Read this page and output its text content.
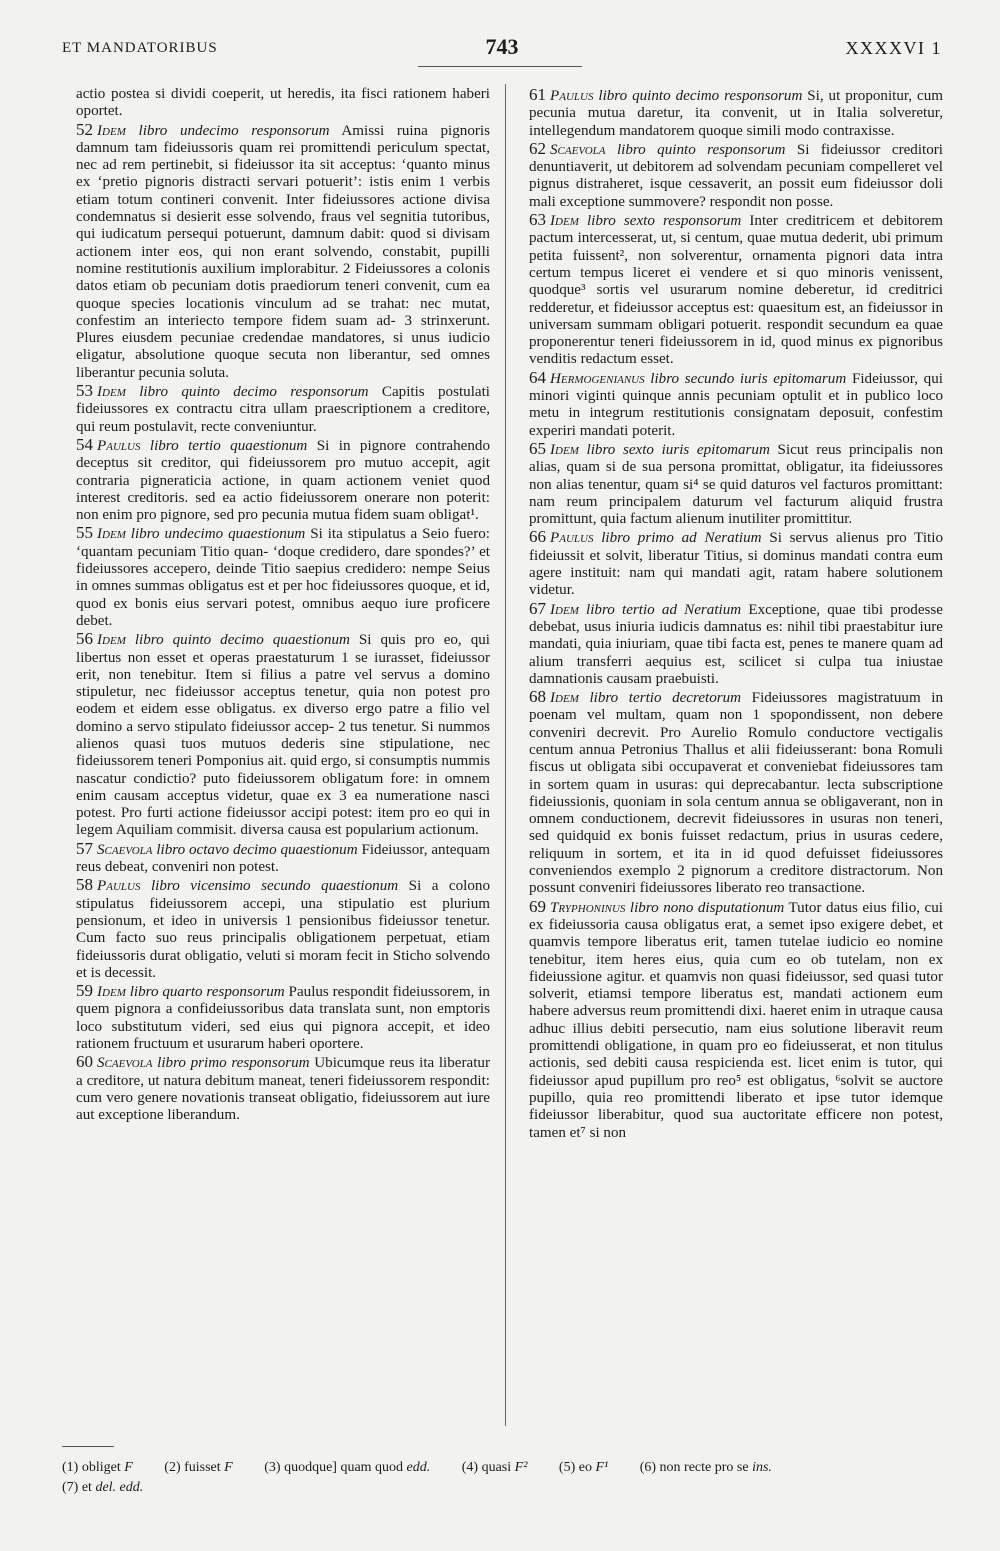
ET MANDATORIBUS	743	XXXXVI 1

actio postea si dividi coeperit, ut heredis, ita fisci rationem haberi oportet.

52 Idem libro undecimo responsorum Amissi ruina pignoris damnum tam fideiussoris quam rei promittendi periculum spectat, nec ad rem pertinebit, si fideiussor ita sit acceptus: ‘quanto minus ex ‘pretio pignoris distracti servari potuerit’: istis enim 1 verbis etiam totum contineri convenit. Inter fideiussores actione divisa condemnatus si desierit esse solvendo, fraus vel segnitia tutoribus, qui iudicatum persequi potuerunt, damnum dabit: quod si divisam actionem inter eos, qui non erant solvendo, constabit, pupilli nomine restitutionis auxilium implorabitur. 2 Fideiussores a colonis datos etiam ob pecuniam dotis praediorum teneri convenit, cum ea quoque species locationis vinculum ad se trahat: nec mutat, confestim an interiecto tempore fidem suam ad- 3 strinxerunt. Plures eiusdem pecuniae credendae mandatores, si unus iudicio eligatur, absolutione quoque secuta non liberantur, sed omnes liberantur pecunia soluta.

53 Idem libro quinto decimo responsorum Capitis postulati fideiussores ex contractu citra ullam praescriptionem a creditore, qui reum postulavit, recte conveniuntur.

54 Paulus libro tertio quaestionum Si in pignore contrahendo deceptus sit creditor, qui fideiussorem pro mutuo accepit, agit contraria pigneraticia actione, in quam actionem veniet quod interest creditoris. sed ea actio fideiussorem onerare non poterit: non enim pro pignore, sed pro pecunia mutua fidem suam obligat¹.

55 Idem libro undecimo quaestionum Si ita stipulatus a Seio fuero: ‘quantam pecuniam Titio quan- ‘doque credidero, dare spondes?’ et fideiussores accepero, deinde Titio saepius credidero: nempe Seius in omnes summas obligatus est et per hoc fideiussores quoque, et id, quod ex bonis eius servari potest, omnibus aequo iure proficere debet.

56 Idem libro quinto decimo quaestionum Si quis pro eo, qui libertus non esset et operas praestaturum 1 se iurasset, fideiussor erit, non tenebitur. Item si filius a patre vel servus a domino stipuletur, nec fideiussor acceptus tenetur, quia non potest pro eodem et eidem esse obligatus. ex diverso ergo patre a filio vel domino a servo stipulato fideiussor accep- 2 tus tenetur. Si nummos alienos quasi tuos mutuos dederis sine stipulatione, nec fideiussorem teneri Pomponius ait. quid ergo, si consumptis nummis nascatur condictio? puto fideiussorem obligatum fore: in omnem enim causam acceptus videtur, quae ex 3 ea numeratione nasci potest. Pro furti actione fideiussor accipi potest: item pro eo qui in legem Aquiliam commisit. diversa causa est popularium actionum.

57 Scaevola libro octavo decimo quaestionum Fideiussor, antequam reus debeat, conveniri non potest.

58 Paulus libro vicensimo secundo quaestionum Si a colono stipulatus fideiussorem accepi, una stipulatio est plurium pensionum, et ideo in universis 1 pensionibus fideiussor tenetur. Cum facto suo reus principalis obligationem perpetuat, etiam fideiussoris durat obligatio, veluti si moram fecit in Sticho solvendo et is decessit.

59 Idem libro quarto responsorum Paulus respondit fideiussorem, in quem pignora a confideiussoribus data translata sunt, non emptoris loco substitutum videri, sed eius qui pignora accepit, et ideo rationem fructuum et usurarum haberi oportere.

60 Scaevola libro primo responsorum Ubicumque reus ita liberatur a creditore, ut natura debitum maneat, teneri fideiussorem respondit: cum vero genere novationis transeat obligatio, fideiussorem aut iure aut exceptione liberandum.

61 Paulus libro quinto decimo responsorum Si, ut proponitur, cum pecunia mutua daretur, ita convenit, ut in Italia solveretur, intellegendum mandatorem quoque simili modo contraxisse.

62 Scaevola libro quinto responsorum Si fideiussor creditori denuntiaverit, ut debitorem ad solvendam pecuniam compelleret vel pignus distraheret, isque cessaverit, an possit eum fideiussor doli mali exceptione summovere? respondit non posse.

63 Idem libro sexto responsorum Inter creditricem et debitorem pactum intercesserat, ut, si centum, quae mutua dederit, ubi primum petita fuissent², non solverentur, ornamenta pignori data intra certum tempus liceret ei vendere et si quo minoris venissent, quodque³ sortis vel usurarum nomine deberetur, id creditrici redderetur, et fideiussor acceptus est: quaesitum est, an fideiussor in universam summam obligari potuerit. respondit secundum ea quae proponerentur teneri fideiussorem in id, quod minus ex pignoribus venditis redactum esset.

64 Hermogenianus libro secundo iuris epitomarum Fideiussor, qui minori viginti quinque annis pecuniam optulit et in publico loco metu in integrum restitutionis consignatam deposuit, confestim experiri mandati poterit.

65 Idem libro sexto iuris epitomarum Sicut reus principalis non alias, quam si de sua persona promittat, obligatur, ita fideiussores non alias tenentur, quam si⁴ se quid daturos vel facturos promittant: nam reum principalem daturum vel facturum aliquid frustra promittunt, quia factum alienum inutiliter promittitur.

66 Paulus libro primo ad Neratium Si servus alienus pro Titio fideiussit et solvit, liberatur Titius, si dominus mandati contra eum agere instituit: nam qui mandati agit, ratam habere solutionem videtur.

67 Idem libro tertio ad Neratium Exceptione, quae tibi prodesse debebat, usus iniuria iudicis damnatus es: nihil tibi praestabitur iure mandati, quia iniuriam, quae tibi facta est, penes te manere quam ad alium transferri aequius est, scilicet si culpa tua iniustae damnationis causam praebuisti.

68 Idem libro tertio decretorum Fideiussores magistratuum in poenam vel multam, quam non 1 spopondissent, non debere conveniri decrevit. Pro Aurelio Romulo conductore vectigalis centum annua Petronius Thallus et alii fideiusserant: bona Romuli fiscus ut obligata sibi occupaverat et conveniebat fideiussores tam in sortem quam in usuras: qui deprecabantur. lecta subscriptione fideiussionis, quoniam in sola centum annua se obligaverant, non in omnem conductionem, decrevit fideiussores in usuras non teneri, sed quidquid ex bonis fuisset redactum, prius in usuras cedere, reliquum in sortem, et ita in id quod defuisset fideiussores conveniendos exemplo 2 pignorum a creditore distractorum. Non possunt conveniri fideiussores liberato reo transactione.

69 Tryphoninus libro nono disputationum Tutor datus eius filio, cui ex fideiussoria causa obligatus erat, a semet ipso exigere debet, et quamvis tempore liberatus erit, tamen tutelae iudicio eo nomine tenebitur, item heres eius, quia cum eo ob tutelam, non ex fideiussione agitur. et quamvis non quasi fideiussor, sed quasi tutor solverit, etiamsi tempore liberatus est, mandati actionem eum habere adversus reum promittendi dixi. haeret enim in utraque causa adhuc illius debiti persecutio, nam eius solutione liberavit reum promittendi obligatione, in quam pro eo fideiusserat, et non titulus actionis, sed debiti causa respicienda est. licet enim is tutor, qui fideiussor apud pupillum pro reo⁵ est obligatus, ⁶solvit se auctore pupillo, quia reo promittendi liberato et ipse tutor idemque fideiussor liberabitur, quod sua auctoritate efficere non potest, tamen et⁷ si non

(1) obliget F (2) fuisset F (3) quodque] quam quod edd. (4) quasi F² (5) eo F¹ (6) non recte pro se ins.
(7) et del. edd.
